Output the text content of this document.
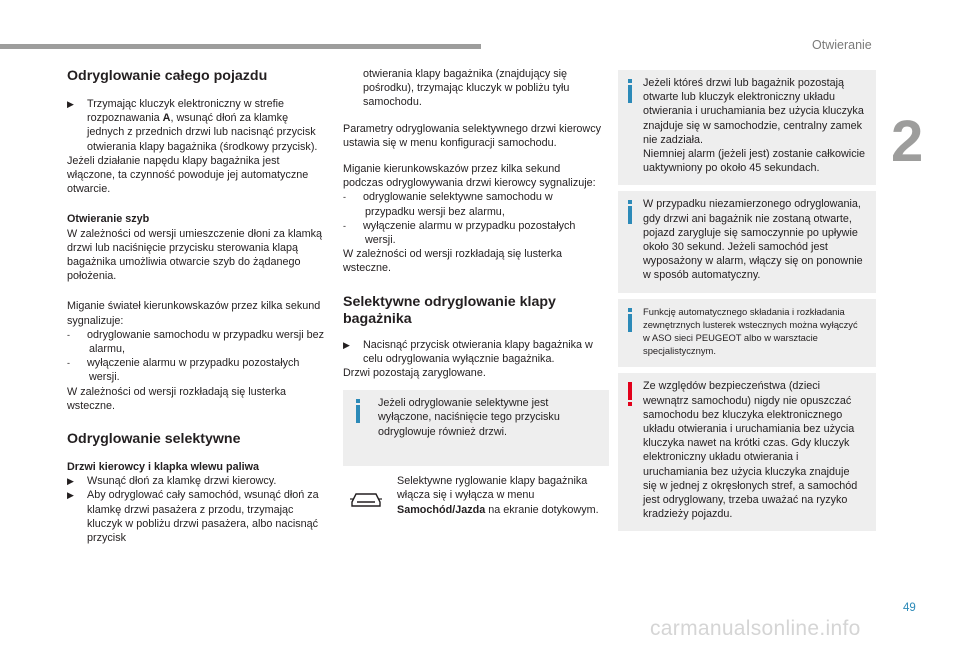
Otwieranie
2
Odryglowanie całego pojazdu

▶ Trzymając kluczyk elektroniczny w strefie rozpoznawania A, wsunąć dłoń za klamkę jednych z przednich drzwi lub nacisnąć przycisk otwierania klapy bagażnika (środkowy przycisk).

Jeżeli działanie napędu klapy bagażnika jest włączone, ta czynność powoduje jej automatyczne otwarcie.

Otwieranie szyb

W zależności od wersji umieszczenie dłoni za klamką drzwi lub naciśnięcie przycisku sterowania klapą bagażnika umożliwia otwarcie szyb do żądanego położenia.

Miganie świateł kierunkowskazów przez kilka sekund sygnalizuje:

- odryglowanie samochodu w przypadku wersji bez alarmu,

- wyłączenie alarmu w przypadku pozostałych wersji.

W zależności od wersji rozkładają się lusterka wsteczne.

Odryglowanie selektywne

Drzwi kierowcy i klapka wlewu paliwa

▶ Wsunąć dłoń za klamkę drzwi kierowcy.

▶ Aby odryglować cały samochód, wsunąć dłoń za klamkę drzwi pasażera z przodu, trzymając kluczyk w pobliżu drzwi pasażera, albo nacisnąć przycisk

otwierania klapy bagażnika (znajdujący się pośrodku), trzymając kluczyk w pobliżu tyłu samochodu.

Parametry odryglowania selektywnego drzwi kierowcy ustawia się w menu konfiguracji samochodu.

Miganie kierunkowskazów przez kilka sekund podczas odryglowywania drzwi kierowcy sygnalizuje:

- odryglowanie selektywne samochodu w przypadku wersji bez alarmu,

- wyłączenie alarmu w przypadku pozostałych wersji.

W zależności od wersji rozkładają się lusterka wsteczne.

Selektywne odryglowanie klapy bagażnika

▶ Nacisnąć przycisk otwierania klapy bagażnika w celu odryglowania wyłącznie bagażnika.

Drzwi pozostają zaryglowane.

Jeżeli odryglowanie selektywne jest wyłączone, naciśnięcie tego przycisku odryglowuje również drzwi.

Selektywne ryglowanie klapy bagażnika włącza się i wyłącza w menu Samochód/Jazda na ekranie dotykowym.

Jeżeli któreś drzwi lub bagażnik pozostają otwarte lub kluczyk elektroniczny układu otwierania i uruchamiania bez użycia kluczyka znajduje się w samochodzie, centralny zamek nie zadziała.

Niemniej alarm (jeżeli jest) zostanie całkowicie uaktywniony po około 45 sekundach.

W przypadku niezamierzonego odryglowania, gdy drzwi ani bagażnik nie zostaną otwarte, pojazd zarygluje się samoczynnie po upływie około 30 sekund. Jeżeli samochód jest wyposażony w alarm, włączy się on ponownie w sposób automatyczny.

Funkcję automatycznego składania i rozkładania zewnętrznych lusterek wstecznych można wyłączyć w ASO sieci PEUGEOT albo w warsztacie specjalistycznym.

Ze względów bezpieczeństwa (dzieci wewnątrz samochodu) nigdy nie opuszczać samochodu bez kluczyka elektronicznego układu otwierania i uruchamiania bez użycia kluczyka nawet na krótki czas. Gdy kluczyk elektroniczny układu otwierania i uruchamiania bez użycia kluczyka znajduje się w jednej z okręsłonych stref, a samochód jest odryglowany, trzeba uważać na ryzyko kradzieży pojazdu.

49
carmanualsonline.info
